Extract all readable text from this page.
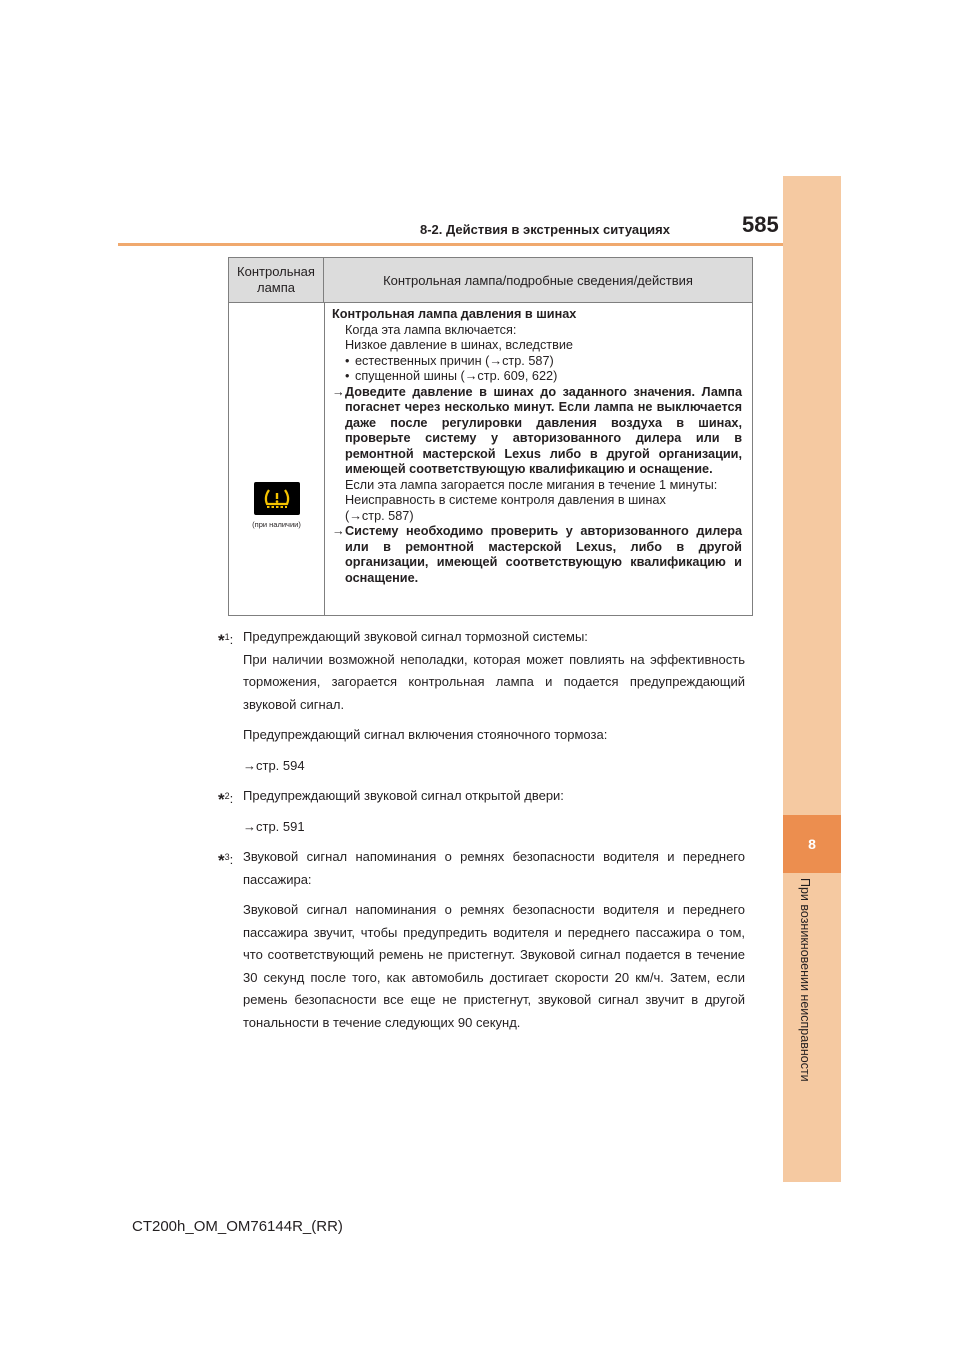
8-2. Действия в экстренных ситуациях	585
8
При возникновении неисправности
Контрольная лампа	Контрольная лампа/подробные сведения/действия
(при наличии)
Контрольная лампа давления в шинах
Когда эта лампа включается:
Низкое давление в шинах, вследствие
• естественных причин (→стр. 587)
• спущенной шины (→стр. 609, 622)
→ Доведите давление в шинах до заданного значения. Лампа погаснет через несколько минут. Если лампа не выключается даже после регулировки давления воздуха в шинах, проверьте систему у авторизованного дилера или в ремонтной мастерской Lexus либо в другой организации, имеющей соответствующую квалификацию и оснащение.
Если эта лампа загорается после мигания в течение 1 минуты:
Неисправность в системе контроля давления в шинах
(→стр. 587)
→ Систему необходимо проверить у авторизованного дилера или в ремонтной мастерской Lexus, либо в другой организации, имеющей соответствующую квалификацию и оснащение.
*$^1$: Предупреждающий звуковой сигнал тормозной системы:
При наличии возможной неполадки, которая может повлиять на эффективность торможения, загорается контрольная лампа и подается предупреждающий звуковой сигнал.
Предупреждающий сигнал включения стояночного тормоза:
→стр. 594
*$^2$: Предупреждающий звуковой сигнал открытой двери:
→стр. 591
*$^3$: Звуковой сигнал напоминания о ремнях безопасности водителя и переднего пассажира:
Звуковой сигнал напоминания о ремнях безопасности водителя и переднего пассажира звучит, чтобы предупредить водителя и переднего пассажира о том, что соответствующий ремень не пристегнут. Звуковой сигнал подается в течение 30 секунд после того, как автомобиль достигает скорости 20 км/ч. Затем, если ремень безопасности все еще не пристегнут, звуковой сигнал звучит в другой тональности в течение следующих 90 секунд.
CT200h_OM_OM76144R_(RR)
